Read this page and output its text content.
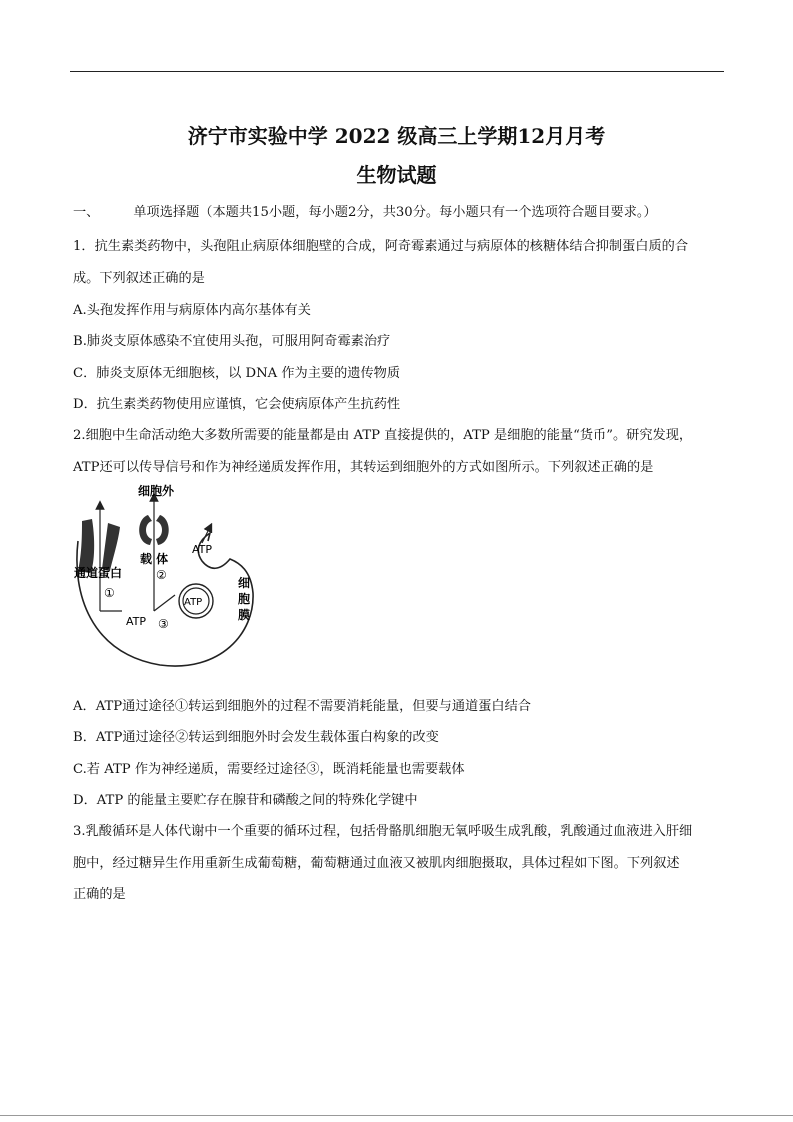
济宁市实验中学 2022 级高三上学期12月月考
生物试题
一、	单项选择题（本题共15小题，每小题2分，共30分。每小题只有一个选项符合题目要求。）
1．抗生素类药物中，头孢阻止病原体细胞壁的合成，阿奇霉素通过与病原体的核糖体结合抑制蛋白质的合
成。下列叙述正确的是
A.头孢发挥作用与病原体内高尔基体有关
B.肺炎支原体感染不宜使用头孢，可服用阿奇霉素治疗
C．肺炎支原体无细胞核，以 DNA 作为主要的遗传物质
D．抗生素类药物使用应谨慎，它会使病原体产生抗药性
2.细胞中生命活动绝大多数所需要的能量都是由 ATP 直接提供的，ATP 是细胞的能量“货币”。研究发现，
ATP还可以传导信号和作为神经递质发挥作用，其转运到细胞外的方式如图所示。下列叙述正确的是
细胞外
载 体
ATP
通道蛋白
①
②
③
ATP
ATP
细
胞
膜
A．ATP通过途径①转运到细胞外的过程不需要消耗能量，但要与通道蛋白结合
B．ATP通过途径②转运到细胞外时会发生载体蛋白构象的改变
C.若 ATP 作为神经递质，需要经过途径③，既消耗能量也需要载体
D．ATP 的能量主要贮存在腺苷和磷酸之间的特殊化学键中
3.乳酸循环是人体代谢中一个重要的循环过程，包括骨骼肌细胞无氧呼吸生成乳酸，乳酸通过血液进入肝细
胞中，经过糖异生作用重新生成葡萄糖，葡萄糖通过血液又被肌肉细胞摄取，具体过程如下图。下列叙述
正确的是
